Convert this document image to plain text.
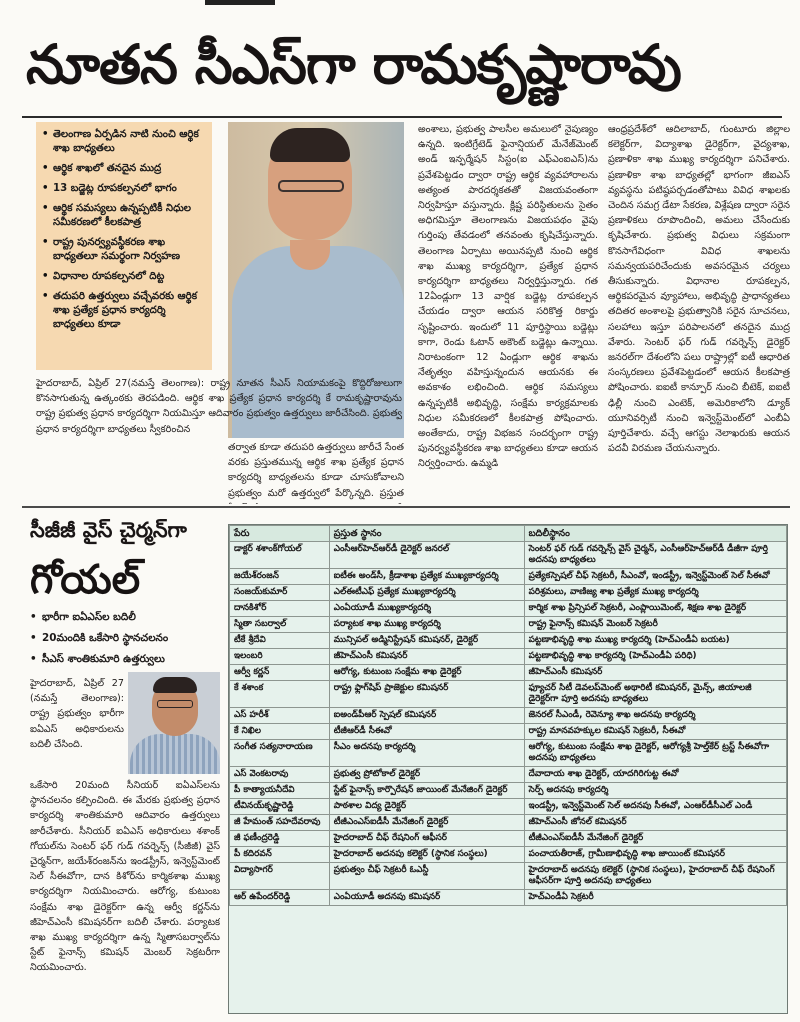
నూతన సీఎస్‌గా రామకృష్ణారావు
• తెలంగాణ ఏర్పడిన నాటి నుంచి ఆర్థిక శాఖ బాధ్యతలు
• ఆర్థిక శాఖలో తనదైన ముద్ర
• 13 బడ్జెట్ల రూపకల్పనలో భాగం
• ఆర్థిక సమస్యలు ఉన్నప్పటికీ నిధుల సమీకరణలో కీలకపాత్ర
• రాష్ట్ర పునర్వ్యవస్థీకరణ శాఖ బాధ్యతలూ సమర్థంగా నిర్వహణ
• విధానాల రూపకల్పనలో దిట్ట
• తదుపరి ఉత్తర్వులు వచ్చేవరకు ఆర్థిక శాఖ ప్రత్యేక ప్రధాన కార్యదర్శి బాధ్యతలు కూడా
హైదరాబాద్, ఏప్రిల్ 27(నమస్తే తెలంగాణ): రాష్ట్ర నూతన సీఎస్ నియామకంపై కొద్దిరోజులుగా కొనసాగుతున్న ఉత్కంఠకు తెరపడింది. ఆర్థిక శాఖ ప్రత్యేక ప్రధాన కార్యదర్శి కే రామకృష్ణారావును రాష్ట్ర ప్రభుత్వ ప్రధాన కార్యదర్శిగా నియమిస్తూ ఆదివారం ప్రభుత్వం ఉత్తర్వులు జారీచేసింది. ప్రభుత్వ ప్రధాన కార్యదర్శిగా బాధ్యతలు స్వీకరించిన

తర్వాత కూడా తదుపరి ఉత్తర్వులు జారీచే సేంత వరకు ప్రస్తుతమున్న ఆర్థిక శాఖ ప్రత్యేక ప్రధాన కార్యదర్శి బాధ్యతలను కూడా చూసుకోవాలని ప్రభుత్వం మరో ఉత్తర్వులో పేర్కొన్నది. ప్రస్తుత

అంశాలు, ప్రభుత్వ పాలసీల అమలులో నైపుణ్యం ఉన్నది. ఇంటిగ్రేటెడ్ ఫైనాన్షియల్ మేనేజ్‌మెంట్ అండ్ ఇన్ఫర్మేషన్ సిస్టం(ఐ ఎఫ్‌ఎంఐఎస్)ను ప్రవేశపెట్టడం ద్వారా రాష్ట్ర ఆర్థిక వ్యవహారాలను అత్యంత పారదర్శకతతో విజయవంతంగా నిర్వహిస్తూ వస్తున్నారు. క్లిష్ట పరిస్థితులను సైతం అధిగమిస్తూ తెలంగాణను విజయపథం వైపు గుర్తింపు తేవడంలో తనవంతు కృషిచేస్తున్నారు. తెలంగాణ ఏర్పాటు అయినప్పటి నుంచి ఆర్థిక శాఖ ముఖ్య కార్యదర్శిగా, ప్రత్యేక ప్రధాన కార్యదర్శిగా బాధ్యతలు నిర్వర్తిస్తున్నారు. గత 12ఏండ్లుగా 13 వార్షిక బడ్జెట్ల రూపకల్పన చేయడం ద్వారా ఆయన సరికొత్త రికార్డు సృష్టించారు. ఇందులో 11 పూర్తిస్థాయి బడ్జెట్లు కాగా, రెండు ఓటాన్ అకౌంట్ బడ్జెట్లు ఉన్నాయి. నిరాటంకంగా 12 ఏండ్లుగా ఆర్థిక శాఖను నేతృత్వం వహిస్తున్నందున ఆయనకు ఈ అవకాశం లభించింది. ఆర్థిక సమస్యలు ఉన్నప్పటికీ అభివృద్ధి, సంక్షేమ కార్యక్రమాలకు నిధుల సమీకరణలో కీలకపాత్ర పోషించారు. అంతేకాదు, రాష్ట్ర విభజన సందర్భంగా రాష్ట్ర పునర్వ్యవస్థీకరణ శాఖ బాధ్యతలు కూడా ఆయన నిర్వర్తించారు. ఉమ్మడి

ఆంధ్రప్రదేశ్‌లో ఆదిలాబాద్, గుంటూరు జిల్లాల కలెక్టర్‌గా, విద్యాశాఖ డైరెక్టర్‌గా, వైద్యశాఖ, ప్రణాళికా శాఖ ముఖ్య కార్యదర్శిగా పనిచేశారు. ప్రణాళికా శాఖ బాధ్యతల్లో భాగంగా జీఐఎస్ వ్యవస్థను పటిష్ఠపర్చడంతోపాటు వివిధ శాఖలకు చెందిన సమగ్ర డేటా సేకరణ, విశ్లేషణ ద్వారా సరైన ప్రణాళికలు రూపొందించి, అమలు చేసేందుకు కృషిచేశారు. ప్రభుత్వ విధులు సక్రమంగా కొనసాగేవిధంగా వివిధ శాఖలను సమన్వయపరిచేందుకు అవసరమైన చర్యలు తీసుకున్నారు. విధానాల రూపకల్పన, ఆర్థికపరమైన వ్యూహాలు, అభివృద్ధి ప్రాధాన్యతలు తదితర అంశాలపై ప్రభుత్వానికి సరైన సూచనలు, సలహాలు ఇస్తూ పరిపాలనలో తనదైన ముద్ర వేశారు. సెంటర్ ఫర్ గుడ్ గవర్నెన్స్ డైరెక్టర్ జనరల్‌గా దేశంలోని పలు రాష్ట్రాల్లో ఐటీ ఆధారిత సంస్కరణలు ప్రవేశపెట్టడంలో ఆయన కీలకపాత్ర పోషించారు. ఐఐటీ కాన్పూర్ నుంచి బీటెక్, ఐఐటీ ఢిల్లీ నుంచి ఎంటెక్, అమెరికాలోని డ్యూక్ యూనివర్సిటీ నుంచి ఇన్వెస్ట్‌మెంట్‌లో ఎంబీఏ పూర్తిచేశారు. వచ్చే ఆగస్టు నెలాఖరుకు ఆయన పదవీ విరమణ చేయనున్నారు.

సీజీజీ వైస్ చైర్మన్‌గా
గోయల్
• భారీగా ఐఏఎస్‌ల బదిలీ
• 20మందికి ఒకేసారి స్థానచలనం
• సీఎస్ శాంతికుమారి ఉత్తర్వులు
హైదరాబాద్, ఏప్రిల్ 27 (నమస్తే తెలంగాణ): రాష్ట్ర ప్రభుత్వం భారీగా ఐఏఎస్ అధికారులను బదిలీ చేసింది.
ఒకేసారి 20మంది సీనియర్ ఐఏఎస్‌లను స్థానచలనం కల్పించింది. ఈ మేరకు ప్రభుత్వ ప్రధాన కార్యదర్శి శాంతికుమారి ఆదివారం ఉత్తర్వులు జారీచేశారు. సీనియర్ ఐఏఎస్ అధికారులు శశాంక్ గోయల్‌ను సెంటర్ ఫర్ గుడ్ గవర్నెన్స్ (సీజీజీ) వైస్ చైర్మన్‌గా, జయేశ్‌రంజన్‌ను ఇండస్ట్రీస్, ఇన్వెస్ట్‌మెంట్ సెల్ సీఈవోగా, దాన కిశోర్‌ను కార్మికశాఖ ముఖ్య కార్యదర్శిగా నియమించారు. ఆరోగ్య, కుటుంబ సంక్షేమ శాఖ డైరెక్టర్‌గా ఉన్న ఆర్వీ కర్ణన్‌ను జీహెచ్ఎంసీ కమిషనర్‌గా బదిలీ చేశారు. పర్యాటక శాఖ ముఖ్య కార్యదర్శిగా ఉన్న స్మితాసబర్వాల్‌ను స్టేట్ ఫైనాన్స్ కమిషన్ మెంబర్ సెక్రటరీగా నియమించారు.
పేరు	ప్రస్తుత స్థానం	బదిలీస్థానం
డాక్టర్ శశాంక్‌గోయల్	ఎంసీఆర్‌హెచ్ఆర్‌డీ డైరెక్టర్ జనరల్	సెంటర్ ఫర్ గుడ్ గవర్నెన్స్ వైస్ చైర్మన్, ఎంసీఆర్‌హెచ్‌ఆర్‌డీ డీజీగా పూర్తి అదనపు బాధ్యతలు
జయేశ్‌రంజన్	ఐటీఈ అండ్‌సీ, క్రీడాశాఖ ప్రత్యేక ముఖ్యకార్యదర్శి	ప్రత్యేకస్పెషల్ చీఫ్ సెక్రటరీ, సీఎంవో, ఇండస్ట్రీ, ఇన్వెస్ట్‌మెంట్ సెల్ సీఈవో
సంజయ్‌కుమార్	ఎల్ఈటీఎఫ్ ప్రత్యేక ముఖ్యకార్యదర్శి	పరిశ్రమలు, వాణిజ్య శాఖ ప్రత్యేక ముఖ్య కార్యదర్శి
దానకిశోర్	ఎంఏయూడీ ముఖ్యకార్యదర్శి	కార్మిక శాఖ ప్రిన్సిపల్ సెక్రటరీ, ఎంప్లాయిమెంట్, శిక్షణ శాఖ డైరెక్టర్
స్మితా సబర్వాల్	పర్యాటక శాఖ ముఖ్య కార్యదర్శి	రాష్ట్ర ఫైనాన్స్ కమిషన్ మెంబర్ సెక్రటరీ
టీకే శ్రీదేవి	మున్సిపల్ అడ్మినిస్ట్రేషన్ కమిషనర్, డైరెక్టర్	పట్టణాభివృద్ధి శాఖ ముఖ్య కార్యదర్శి (హెచ్ఎండీఏ బయట)
ఇలంబరి	జీహెచ్ఎంసీ కమిషనర్	పట్టణాభివృద్ధి శాఖ కార్యదర్శి (హెచ్ఎండీఏ పరిధి)
ఆర్వీ కర్ణన్	ఆరోగ్య, కుటుంబ సంక్షేమ శాఖ డైరెక్టర్	జీహెచ్ఎంసీ కమిషనర్
కే శశాంక	రాష్ట్ర ఫ్లాగ్‌షిప్ ప్రాజెక్టుల కమిషనర్	ఫ్యూచర్ సిటీ డెవలప్‌మెంట్ అథారిటీ కమిషనర్, మైన్స్, జియాలజీ డైరెక్టర్‌గా పూర్తి అదనపు బాధ్యతలు
ఎస్ హరీశ్	ఐఅండ్‌పీఆర్ స్పెషల్ కమిషనర్	జెనరల్ సీఎండీ, రెవెన్యూ శాఖ అదనపు కార్యదర్శి
కే నిఖిల	టీజీఆర్‌డీ సీఈవో	రాష్ట్ర మానవహక్కుల కమిషన్ సెక్రటరీ, సీఈవో
సంగీత సత్యనారాయణ	సీఎం అదనపు కార్యదర్శి	ఆరోగ్య, కుటుంబ సంక్షేమ శాఖ డైరెక్టర్, ఆరోగ్యశ్రీ హెల్త్‌కేర్ ట్రస్ట్ సీఈవోగా అదనపు బాధ్యతలు
ఎస్ వెంకటరావు	ప్రభుత్వ ప్రోటోకాల్ డైరెక్టర్	దేవాదాయ శాఖ డైరెక్టర్, యాదగిరిగుట్ట ఈవో
పీ కాత్యాయనీదేవి	స్టేట్ ఫైనాన్స్ కార్పొరేషన్ జాయింట్ మేనేజింగ్ డైరెక్టర్	సెర్ప్ అదనపు కార్యదర్శి
టీవినయ్‌కృష్ణారెడ్డి	పాఠశాల విద్య డైరెక్టర్	ఇండస్ట్రీ, ఇన్వెస్ట్‌మెంట్ సెల్ అదనపు సీఈవో, ఎంఆర్‌డీసీఎల్ ఎండీ
జీ హేమంత్ సహదేవరావు	టీజీఎంఎస్ఐడీసీ మేనేజింగ్ డైరెక్టర్	జీహెచ్ఎంసీ జోనల్ కమిషనర్
జీ ఫణీంద్రరెడ్డి	హైదరాబాద్ చీఫ్ రేషనింగ్ ఆఫీసర్	టీజీఎంఎస్ఐడీసీ మేనేజింగ్ డైరెక్టర్
పీ కదిరవన్	హైదరాబాద్ అదనపు కలెక్టర్ (స్థానిక సంస్థలు)	పంచాయతీరాజ్, గ్రామీణాభివృద్ధి శాఖ జాయింట్ కమిషనర్
విద్యాసాగర్	ప్రభుత్వం చీఫ్ సెక్రటరీ ఓఎస్డీ	హైదరాబాద్ అదనపు కలెక్టర్ (స్థానిక సంస్థలు), హైదరాబాద్ చీఫ్ రేషనింగ్ ఆఫీసర్‌గా పూర్తి అదనపు బాధ్యతలు
ఆర్ ఉపేందర్‌రెడ్డి	ఎంఏయూడీ అదనపు కమిషనర్	హెచ్ఎండీఏ సెక్రటరీ
